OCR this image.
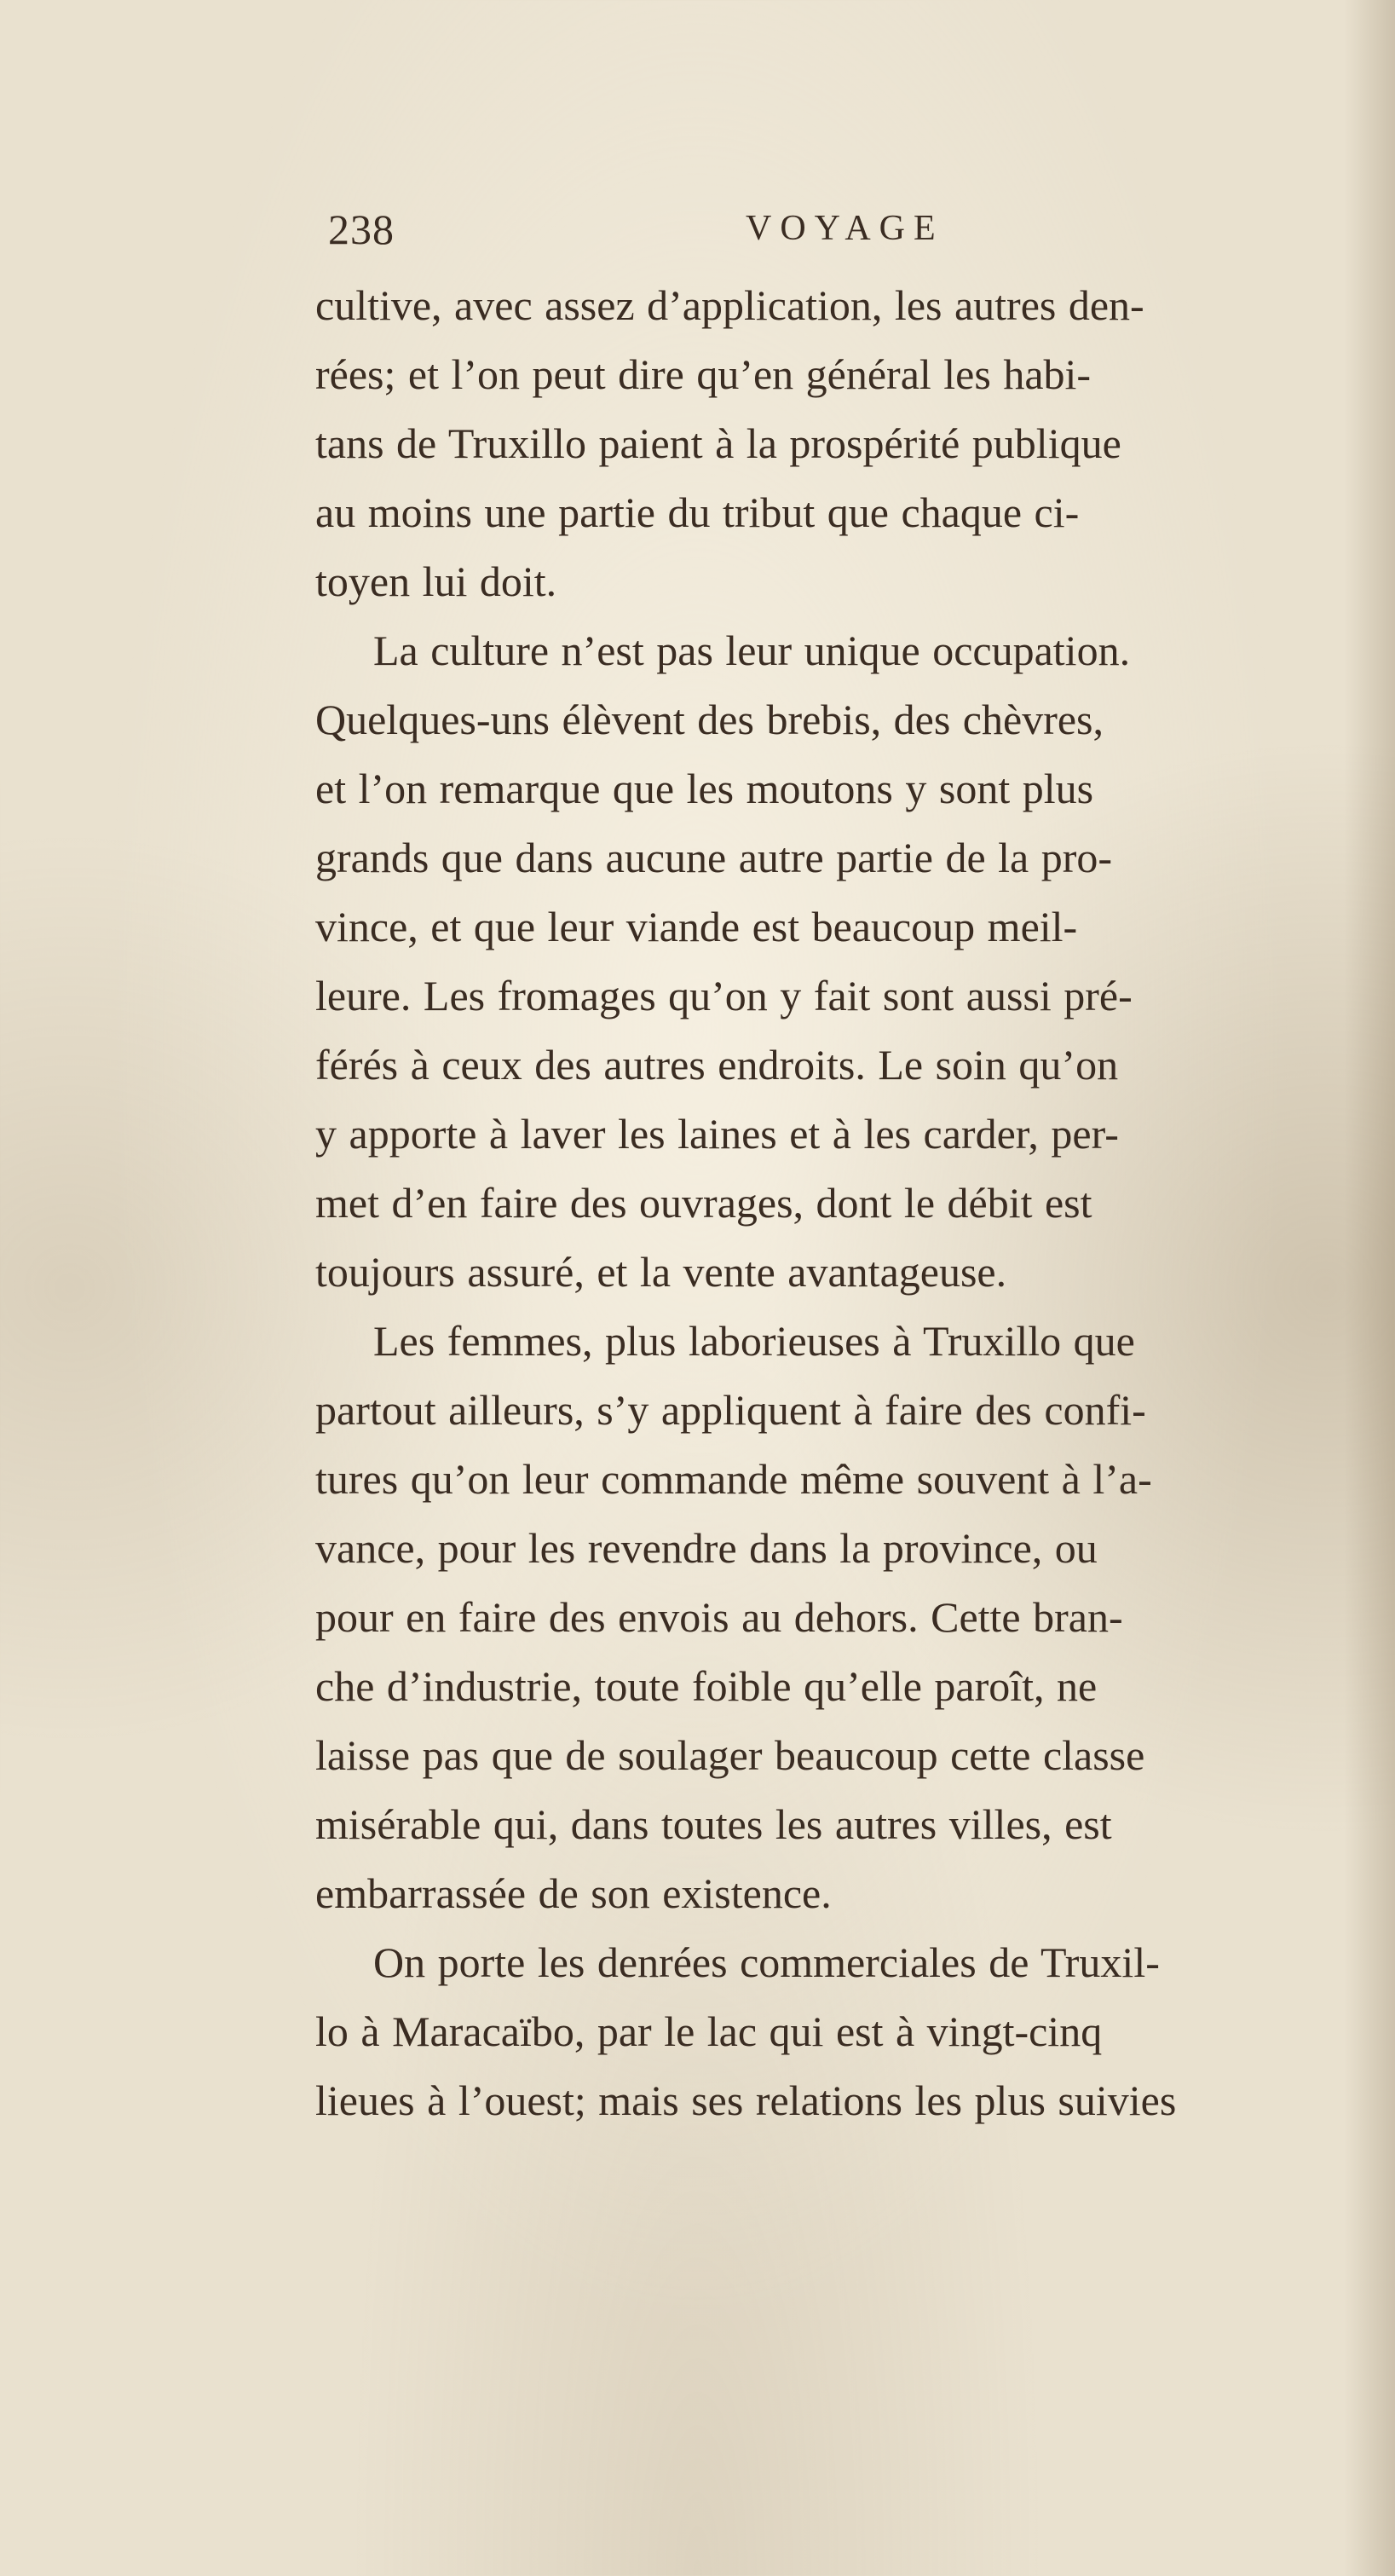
238	VOYAGE
cultive, avec assez d’application, les autres den-
rées; et l’on peut dire qu’en général les habi-
tans de Truxillo paient à la prospérité publique
au moins une partie du tribut que chaque ci-
toyen lui doit.
La culture n’est pas leur unique occupation.
Quelques-uns élèvent des brebis, des chèvres,
et l’on remarque que les moutons y sont plus
grands que dans aucune autre partie de la pro-
vince, et que leur viande est beaucoup meil-
leure. Les fromages qu’on y fait sont aussi pré-
férés à ceux des autres endroits. Le soin qu’on
y apporte à laver les laines et à les carder, per-
met d’en faire des ouvrages, dont le débit est
toujours assuré, et la vente avantageuse.
Les femmes, plus laborieuses à Truxillo que
partout ailleurs, s’y appliquent à faire des confi-
tures qu’on leur commande même souvent à l’a-
vance, pour les revendre dans la province, ou
pour en faire des envois au dehors. Cette bran-
che d’industrie, toute foible qu’elle paroît, ne
laisse pas que de soulager beaucoup cette classe
misérable qui, dans toutes les autres villes, est
embarrassée de son existence.
On porte les denrées commerciales de Truxil-
lo à Maracaïbo, par le lac qui est à vingt-cinq
lieues à l’ouest; mais ses relations les plus suivies
